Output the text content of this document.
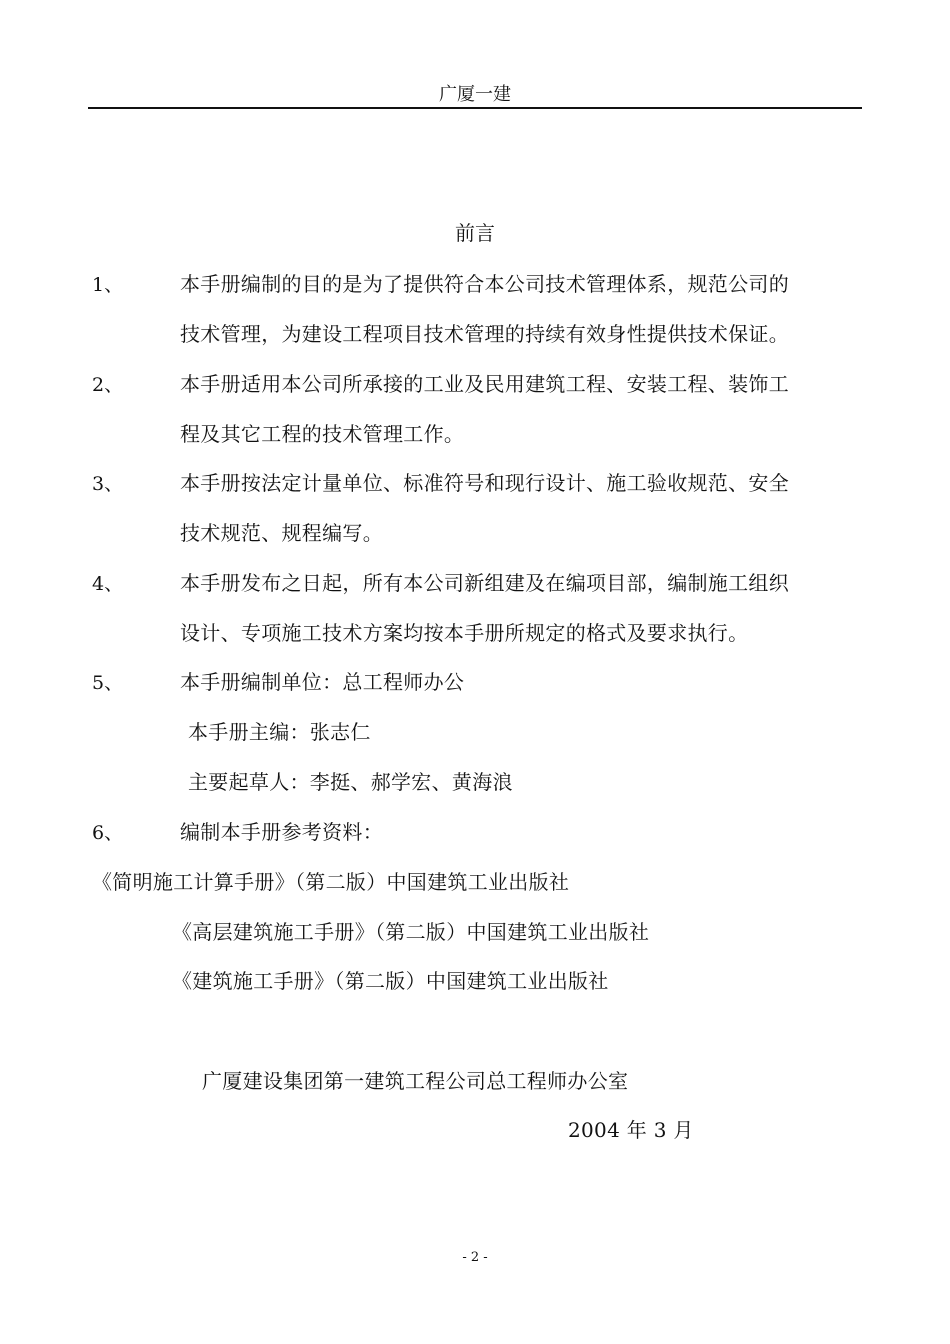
广厦一建
前言
1、	本手册编制的目的是为了提供符合本公司技术管理体系，规范公司的
技术管理，为建设工程项目技术管理的持续有效身性提供技术保证。
2、	本手册适用本公司所承接的工业及民用建筑工程、安装工程、装饰工
程及其它工程的技术管理工作。
3、	本手册按法定计量单位、标准符号和现行设计、施工验收规范、安全
技术规范、规程编写。
4、	本手册发布之日起，所有本公司新组建及在编项目部，编制施工组织
设计、专项施工技术方案均按本手册所规定的格式及要求执行。
5、	本手册编制单位：总工程师办公
本手册主编：张志仁
主要起草人：李挺、郝学宏、黄海浪
6、	编制本手册参考资料：
《简明施工计算手册》（第二版）中国建筑工业出版社
《高层建筑施工手册》（第二版）中国建筑工业出版社
《建筑施工手册》（第二版）中国建筑工业出版社
广厦建设集团第一建筑工程公司总工程师办公室
2004 年 3 月
- 2 -
